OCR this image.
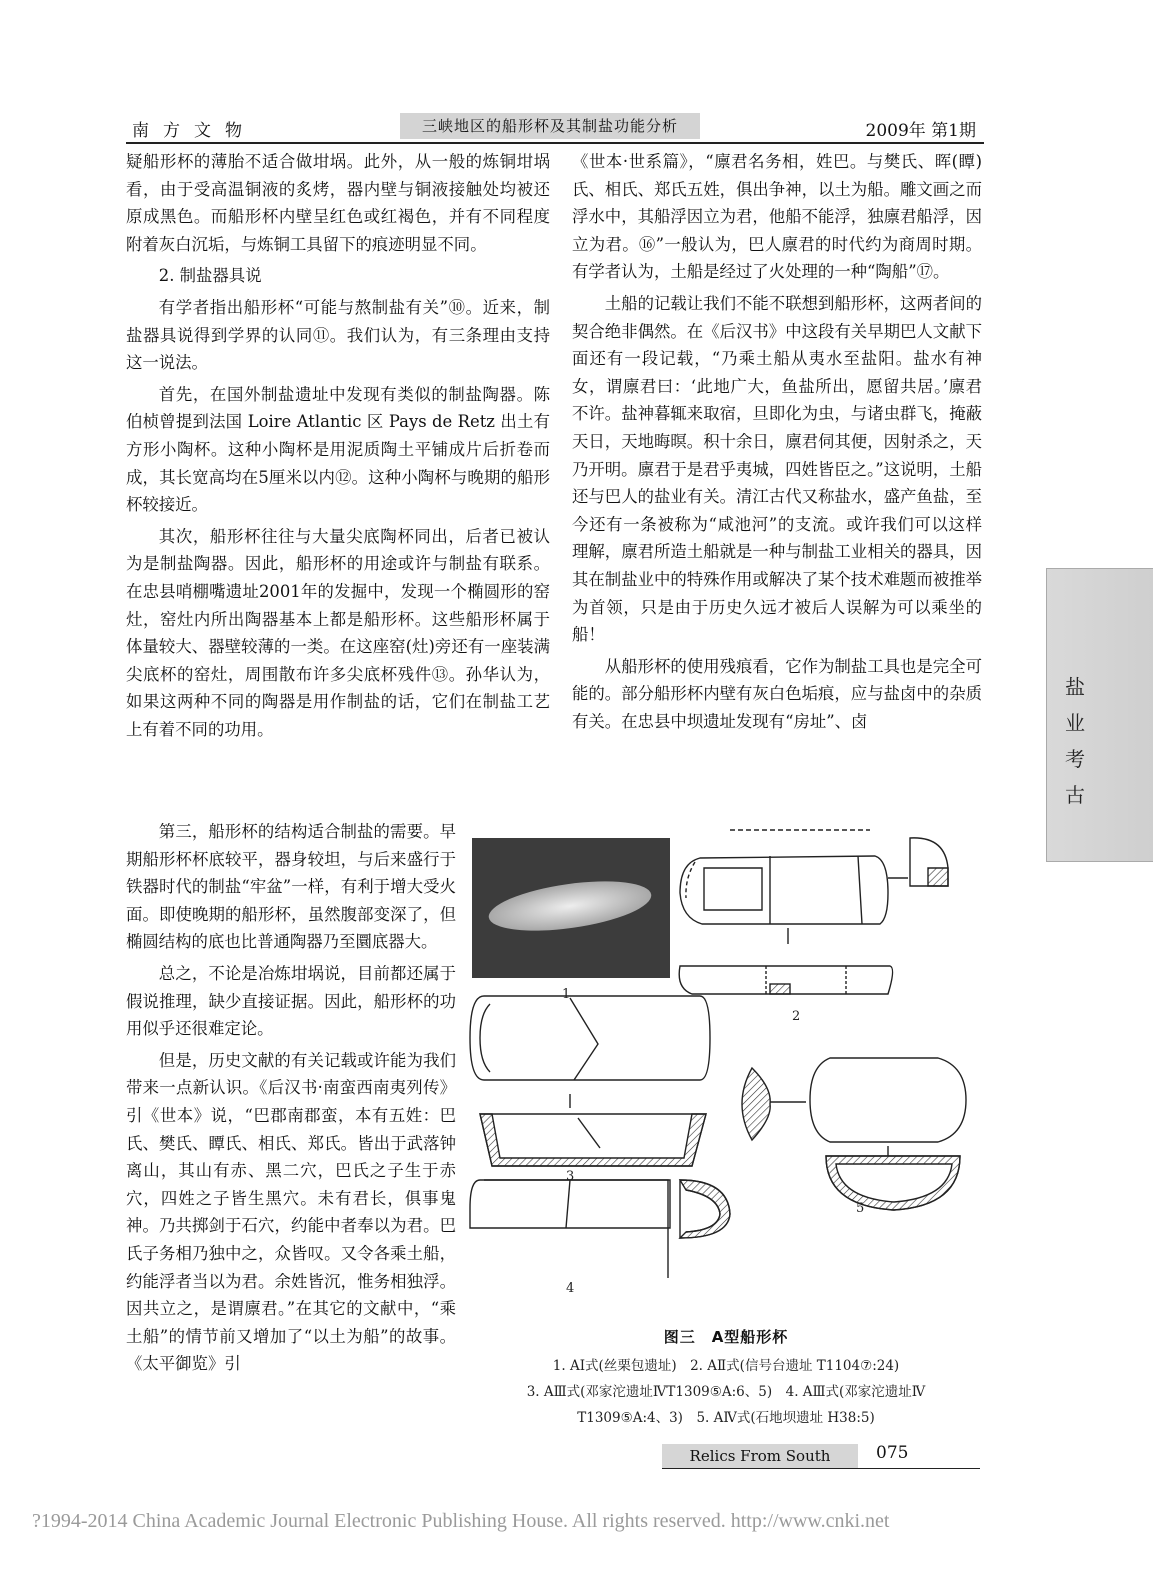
南方文物	三峡地区的船形杯及其制盐功能分析	2009年 第1期

疑船形杯的薄胎不适合做坩埚。此外，从一般的炼铜坩埚看，由于受高温铜液的炙烤，器内壁与铜液接触处均被还原成黑色。而船形杯内壁呈红色或红褐色，并有不同程度附着灰白沉垢，与炼铜工具留下的痕迹明显不同。

2. 制盐器具说

有学者指出船形杯“可能与熬制盐有关”⑩。近来，制盐器具说得到学界的认同⑪。我们认为，有三条理由支持这一说法。

首先，在国外制盐遗址中发现有类似的制盐陶器。陈伯桢曾提到法国 Loire Atlantic 区 Pays de Retz 出土有方形小陶杯。这种小陶杯是用泥质陶土平铺成片后折卷而成，其长宽高均在5厘米以内⑫。这种小陶杯与晚期的船形杯较接近。

其次，船形杯往往与大量尖底陶杯同出，后者已被认为是制盐陶器。因此，船形杯的用途或许与制盐有联系。在忠县哨棚嘴遗址2001年的发掘中，发现一个椭圆形的窑灶，窑灶内所出陶器基本上都是船形杯。这些船形杯属于体量较大、器壁较薄的一类。在这座窑(灶)旁还有一座装满尖底杯的窑灶，周围散布许多尖底杯残件⑬。孙华认为，如果这两种不同的陶器是用作制盐的话，它们在制盐工艺上有着不同的功用。

《世本·世系篇》，“廪君名务相，姓巴。与樊氏、晖(瞫)氏、相氏、郑氏五姓，俱出争神，以土为船。雕文画之而浮水中，其船浮因立为君，他船不能浮，独廪君船浮，因立为君。⑯”一般认为，巴人廪君的时代约为商周时期。有学者认为，土船是经过了火处理的一种“陶船”⑰。

土船的记载让我们不能不联想到船形杯，这两者间的契合绝非偶然。在《后汉书》中这段有关早期巴人文献下面还有一段记载，“乃乘土船从夷水至盐阳。盐水有神女，谓廪君曰：‘此地广大，鱼盐所出，愿留共居。’廪君不许。盐神暮辄来取宿，旦即化为虫，与诸虫群飞，掩蔽天日，天地晦暝。积十余日，廪君伺其便，因射杀之，天乃开明。廪君于是君乎夷城，四姓皆臣之。”这说明，土船还与巴人的盐业有关。清江古代又称盐水，盛产鱼盐，至今还有一条被称为“咸池河”的支流。或许我们可以这样理解，廪君所造土船就是一种与制盐工业相关的器具，因其在制盐业中的特殊作用或解决了某个技术难题而被推举为首领，只是由于历史久远才被后人误解为可以乘坐的船！

从船形杯的使用残痕看，它作为制盐工具也是完全可能的。部分船形杯内壁有灰白色垢痕，应与盐卤中的杂质有关。在忠县中坝遗址发现有“房址”、卤

第三，船形杯的结构适合制盐的需要。早期船形杯杯底较平，器身较坦，与后来盛行于铁器时代的制盐“牢盆”一样，有利于增大受火面。即使晚期的船形杯，虽然腹部变深了，但椭圆结构的底也比普通陶器乃至圜底器大。

总之，不论是冶炼坩埚说，目前都还属于假说推理，缺少直接证据。因此，船形杯的功用似乎还很难定论。

但是，历史文献的有关记载或许能为我们带来一点新认识。《后汉书·南蛮西南夷列传》引《世本》说，“巴郡南郡蛮，本有五姓：巴氏、樊氏、瞫氏、相氏、郑氏。皆出于武落钟离山，其山有赤、黑二穴，巴氏之子生于赤穴，四姓之子皆生黑穴。未有君长，俱事鬼神。乃共掷剑于石穴，约能中者奉以为君。巴氏子务相乃独中之，众皆叹。又令各乘土船，约能浮者当以为君。余姓皆沉，惟务相独浮。因共立之，是谓廪君。”在其它的文献中，“乘土船”的情节前又增加了“以土为船”的故事。《太平御览》引

盐业考古
1
2
3
4
5
图三　A型船形杯
1. AⅠ式(丝栗包遗址)　2. AⅡ式(信号台遗址 T1104⑦:24)
3. AⅢ式(邓家沱遗址ⅣT1309⑤A:6、5)　4. AⅢ式(邓家沱遗址Ⅳ
T1309⑤A:4、3)　5. AⅣ式(石地坝遗址 H38:5)
Relics From South	075
?1994-2014 China Academic Journal Electronic Publishing House. All rights reserved. http://www.cnki.net
